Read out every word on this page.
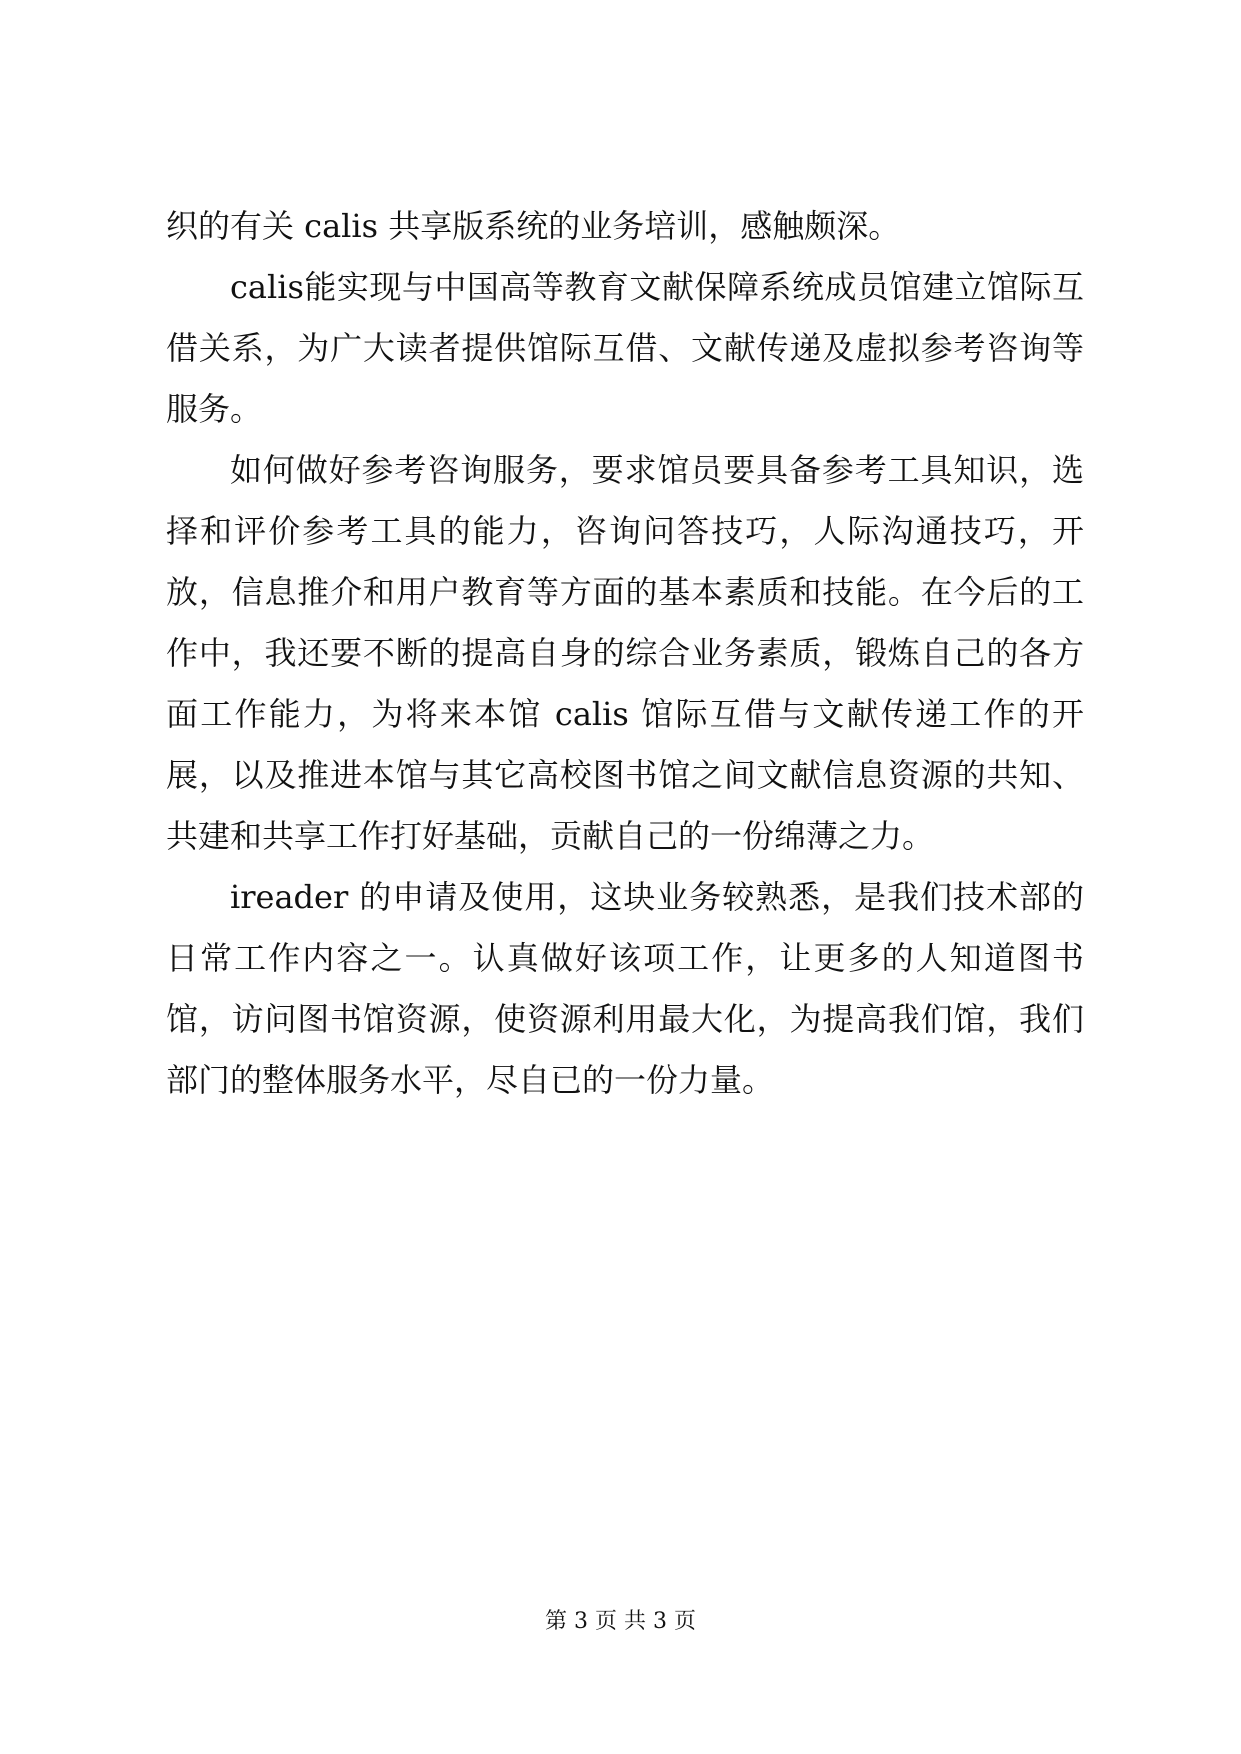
织的有关 calis 共享版系统的业务培训，感触颇深。

calis能实现与中国高等教育文献保障系统成员馆建立馆际互借关系，为广大读者提供馆际互借、文献传递及虚拟参考咨询等服务。

如何做好参考咨询服务，要求馆员要具备参考工具知识，选择和评价参考工具的能力，咨询问答技巧，人际沟通技巧，开放，信息推介和用户教育等方面的基本素质和技能。在今后的工作中，我还要不断的提高自身的综合业务素质，锻炼自己的各方面工作能力，为将来本馆 calis 馆际互借与文献传递工作的开展，以及推进本馆与其它高校图书馆之间文献信息资源的共知、共建和共享工作打好基础，贡献自己的一份绵薄之力。

ireader 的申请及使用，这块业务较熟悉，是我们技术部的日常工作内容之一。认真做好该项工作，让更多的人知道图书馆，访问图书馆资源，使资源利用最大化，为提高我们馆，我们部门的整体服务水平，尽自已的一份力量。

第 3 页 共 3 页
